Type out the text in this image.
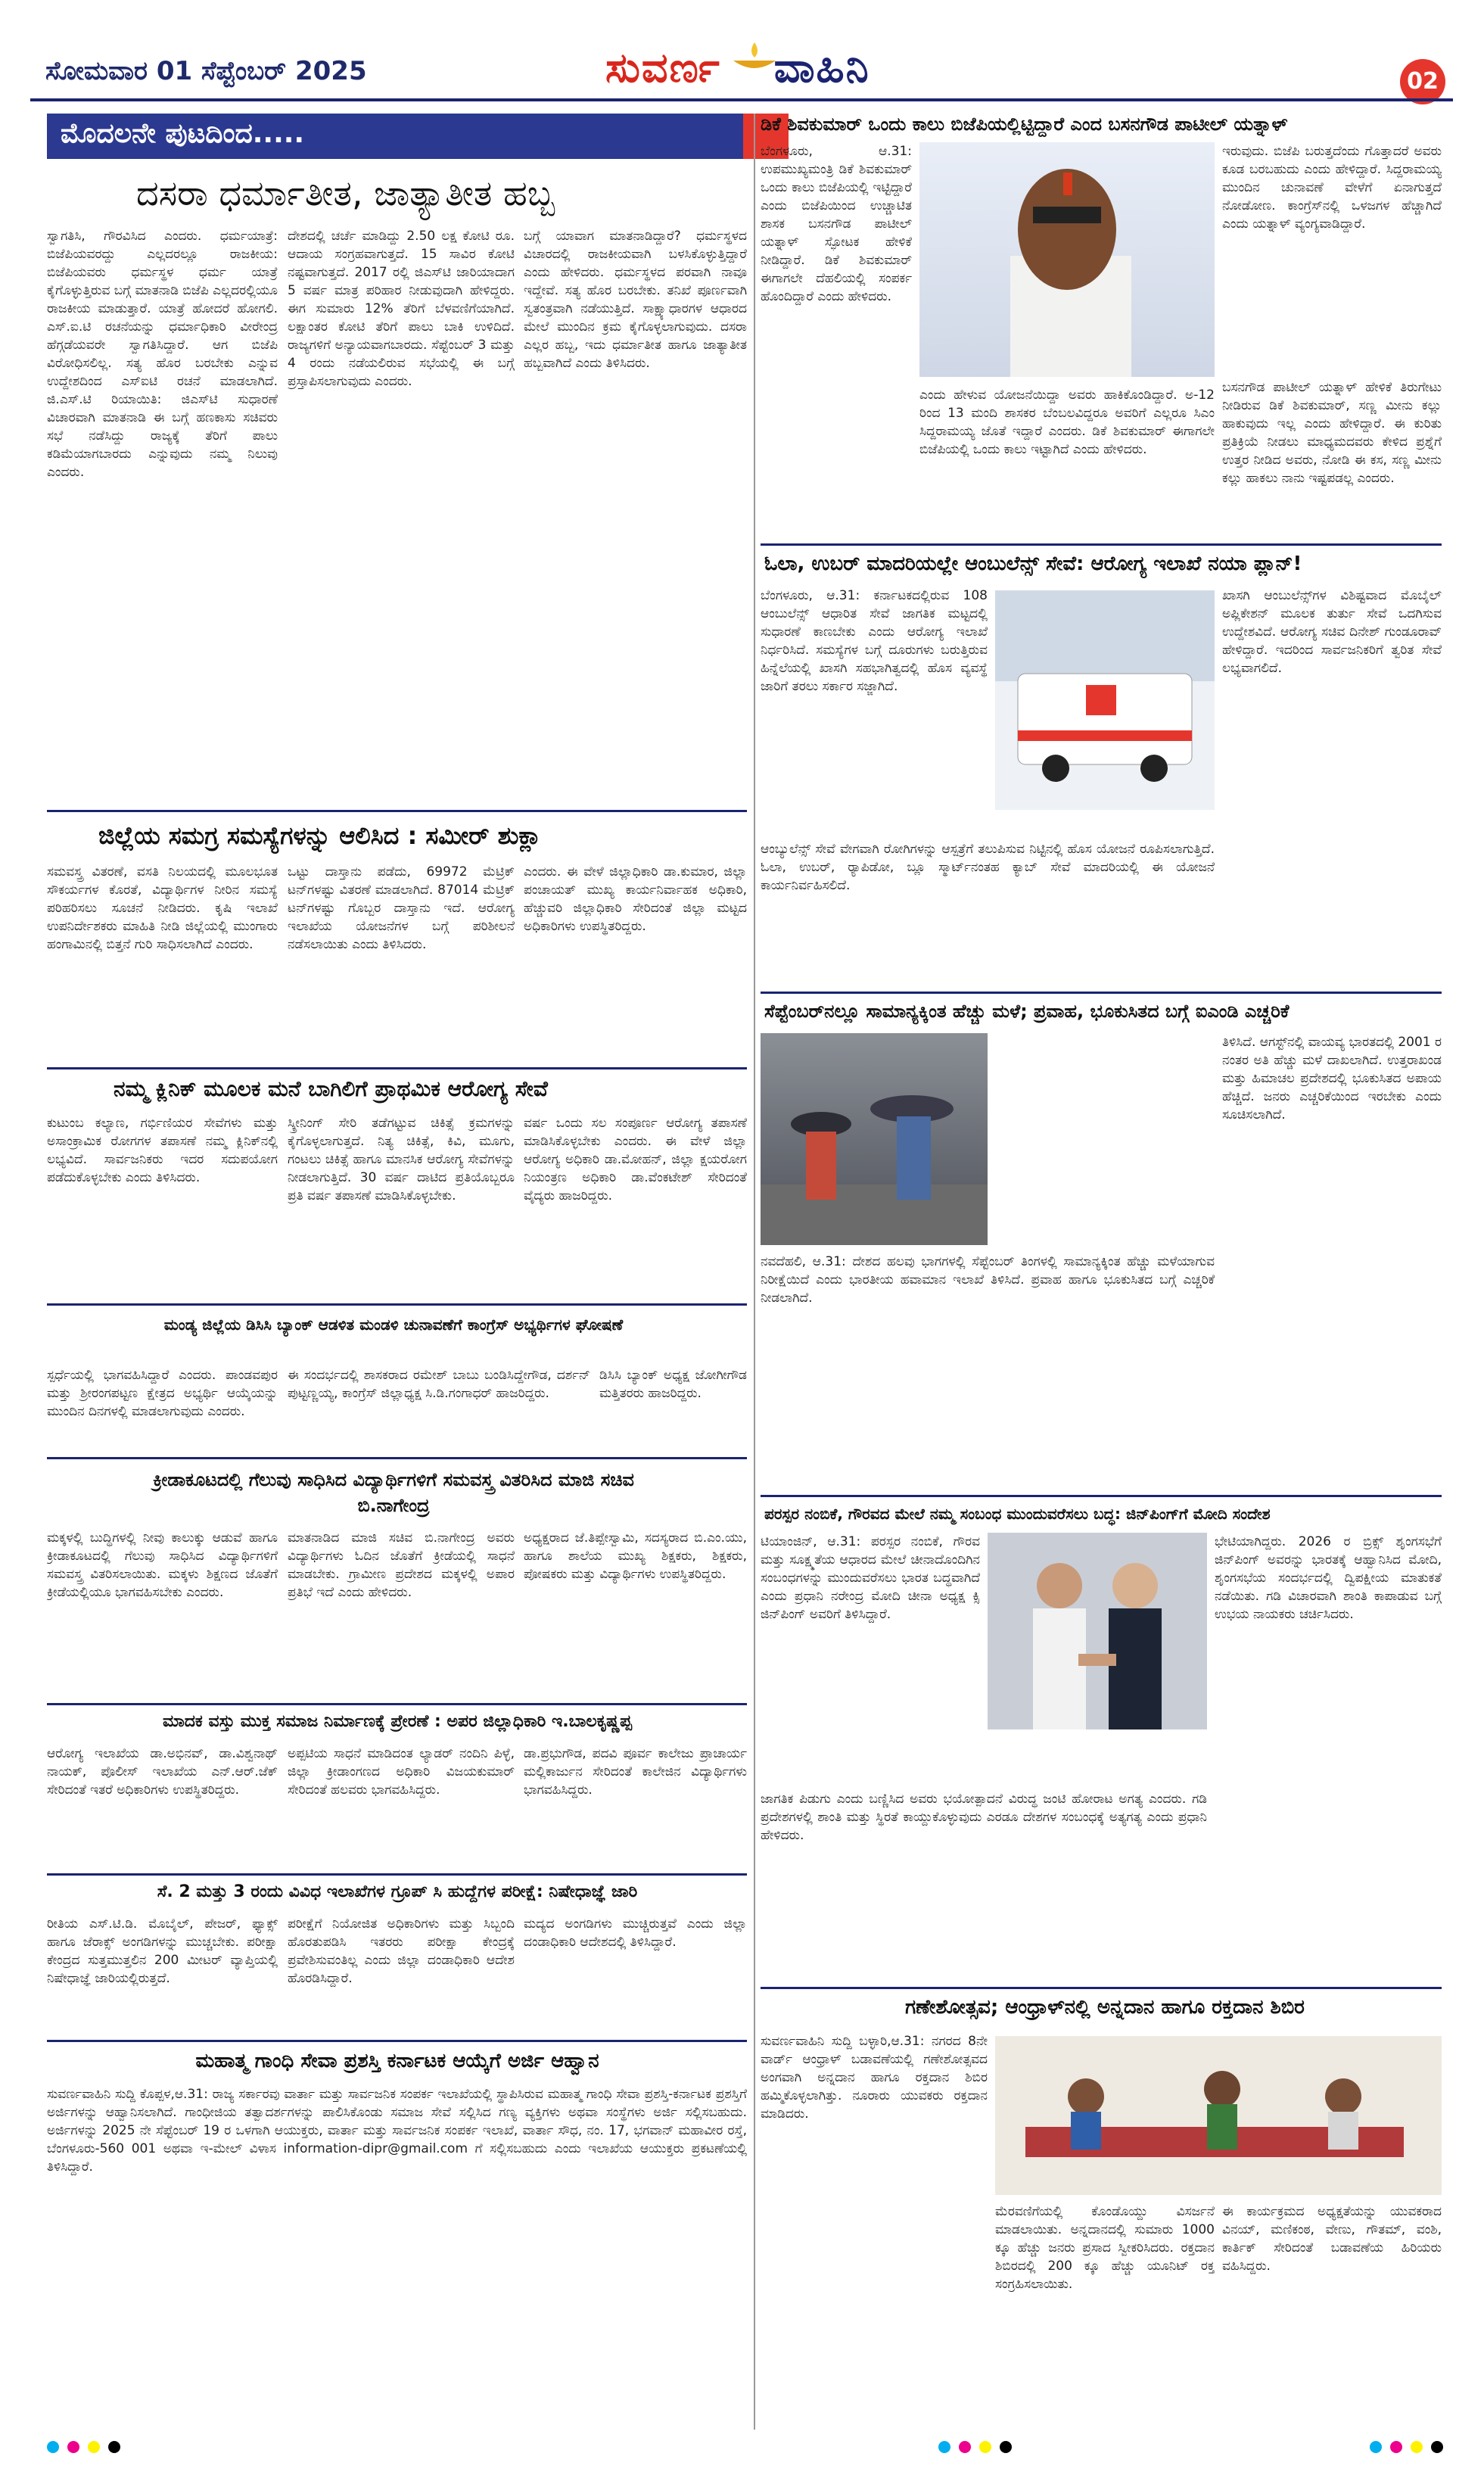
ಸೋಮವಾರ 01 ಸೆಪ್ಟೆಂಬರ್ 2025	ಸುವರ್ಣ ವಾಹಿನಿ	02
ಮೊದಲನೇ ಪುಟದಿಂದ.....
ದಸರಾ ಧರ್ಮಾತೀತ, ಜಾತ್ಯಾತೀತ ಹಬ್ಬ
ಸ್ವಾಗತಿಸಿ, ಗೌರವಿಸಿದ ಎಂದರು. ಧರ್ಮಯಾತ್ರೆ: ಬಿಜೆಪಿಯವರದ್ದು ಎಲ್ಲದರಲ್ಲೂ ರಾಜಕೀಯ: ಬಿಜೆಪಿಯವರು ಧರ್ಮಸ್ಥಳ ಧರ್ಮ ಯಾತ್ರೆ ಕೈಗೊಳ್ಳುತ್ತಿರುವ ಬಗ್ಗೆ ಮಾತನಾಡಿ ಬಿಜೆಪಿ ಎಲ್ಲದರಲ್ಲಿಯೂ ರಾಜಕೀಯ ಮಾಡುತ್ತಾರೆ. ಯಾತ್ರೆ ಹೋದರೆ ಹೋಗಲಿ. ಎಸ್.ಐ.ಟಿ ರಚನೆಯನ್ನು ಧರ್ಮಾಧಿಕಾರಿ ವೀರೇಂದ್ರ ಹೆಗ್ಗಡೆಯವರೇ ಸ್ವಾಗತಿಸಿದ್ದಾರೆ. ಆಗ ಬಿಜೆಪಿ ವಿರೋಧಿಸಲಿಲ್ಲ. ಸತ್ಯ ಹೊರ ಬರಬೇಕು ಎನ್ನುವ ಉದ್ದೇಶದಿಂದ ಎಸ್ಐಟಿ ರಚನೆ ಮಾಡಲಾಗಿದೆ. ಜಿ.ಎಸ್.ಟಿ ರಿಯಾಯಿತಿ: ಜಿಎಸ್‌ಟಿ ಸುಧಾರಣೆ ವಿಚಾರವಾಗಿ ಮಾತನಾಡಿ ಈ ಬಗ್ಗೆ ಹಣಕಾಸು ಸಚಿವರು ಸಭೆ ನಡೆಸಿದ್ದು ರಾಜ್ಯಕ್ಕೆ ತೆರಿಗೆ ಪಾಲು ಕಡಿಮೆಯಾಗಬಾರದು ಎನ್ನುವುದು ನಮ್ಮ ನಿಲುವು ಎಂದರು.
ದೇಶದಲ್ಲಿ ಚರ್ಚೆ ಮಾಡಿದ್ದು 2.50 ಲಕ್ಷ ಕೋಟಿ ರೂ. ಆದಾಯ ಸಂಗ್ರಹವಾಗುತ್ತದೆ. 15 ಸಾವಿರ ಕೋಟಿ ನಷ್ಟವಾಗುತ್ತದೆ. 2017 ರಲ್ಲಿ ಜಿಎಸ್‌ಟಿ ಜಾರಿಯಾದಾಗ 5 ವರ್ಷ ಮಾತ್ರ ಪರಿಹಾರ ನೀಡುವುದಾಗಿ ಹೇಳಿದ್ದರು. ಈಗ ಸುಮಾರು 12% ತೆರಿಗೆ ಬೆಳವಣಿಗೆಯಾಗಿದೆ. ಲಕ್ಷಾಂತರ ಕೋಟಿ ತೆರಿಗೆ ಪಾಲು ಬಾಕಿ ಉಳಿದಿದೆ. ರಾಜ್ಯಗಳಿಗೆ ಅನ್ಯಾಯವಾಗಬಾರದು. ಸೆಪ್ಟೆಂಬರ್ 3 ಮತ್ತು 4 ರಂದು ನಡೆಯಲಿರುವ ಸಭೆಯಲ್ಲಿ ಈ ಬಗ್ಗೆ ಪ್ರಸ್ತಾಪಿಸಲಾಗುವುದು ಎಂದರು.
ಬಗ್ಗೆ ಯಾವಾಗ ಮಾತನಾಡಿದ್ದಾರೆ? ಧರ್ಮಸ್ಥಳದ ವಿಚಾರದಲ್ಲಿ ರಾಜಕೀಯವಾಗಿ ಬಳಸಿಕೊಳ್ಳುತ್ತಿದ್ದಾರೆ ಎಂದು ಹೇಳಿದರು. ಧರ್ಮಸ್ಥಳದ ಪರವಾಗಿ ನಾವೂ ಇದ್ದೇವೆ. ಸತ್ಯ ಹೊರ ಬರಬೇಕು. ತನಿಖೆ ಪೂರ್ಣವಾಗಿ ಸ್ವತಂತ್ರವಾಗಿ ನಡೆಯುತ್ತಿದೆ. ಸಾಕ್ಷ್ಯಾಧಾರಗಳ ಆಧಾರದ ಮೇಲೆ ಮುಂದಿನ ಕ್ರಮ ಕೈಗೊಳ್ಳಲಾಗುವುದು. ದಸರಾ ಎಲ್ಲರ ಹಬ್ಬ, ಇದು ಧರ್ಮಾತೀತ ಹಾಗೂ ಜಾತ್ಯಾತೀತ ಹಬ್ಬವಾಗಿದೆ ಎಂದು ತಿಳಿಸಿದರು.
ಡಿಕೆ ಶಿವಕುಮಾರ್ ಒಂದು ಕಾಲು ಬಿಜೆಪಿಯಲ್ಲಿಟ್ಟಿದ್ದಾರೆ ಎಂದ ಬಸನಗೌಡ ಪಾಟೀಲ್ ಯತ್ನಾಳ್
ಬೆಂಗಳೂರು, ಆ.31: ಉಪಮುಖ್ಯಮಂತ್ರಿ ಡಿಕೆ ಶಿವಕುಮಾರ್ ಒಂದು ಕಾಲು ಬಿಜೆಪಿಯಲ್ಲಿ ಇಟ್ಟಿದ್ದಾರೆ ಎಂದು ಬಿಜೆಪಿಯಿಂದ ಉಚ್ಚಾಟಿತ ಶಾಸಕ ಬಸನಗೌಡ ಪಾಟೀಲ್ ಯತ್ನಾಳ್ ಸ್ಫೋಟಕ ಹೇಳಿಕೆ ನೀಡಿದ್ದಾರೆ. ಡಿಕೆ ಶಿವಕುಮಾರ್ ಈಗಾಗಲೇ ದೆಹಲಿಯಲ್ಲಿ ಸಂಪರ್ಕ ಹೊಂದಿದ್ದಾರೆ ಎಂದು ಹೇಳಿದರು.
ಇರುವುದು. ಬಿಜೆಪಿ ಬರುತ್ತದೆಂದು ಗೊತ್ತಾದರೆ ಅವರು ಕೂಡ ಬರಬಹುದು ಎಂದು ಹೇಳಿದ್ದಾರೆ. ಸಿದ್ದರಾಮಯ್ಯ ಮುಂದಿನ ಚುನಾವಣೆ ವೇಳೆಗೆ ಏನಾಗುತ್ತದೆ ನೋಡೋಣ. ಕಾಂಗ್ರೆಸ್‌ನಲ್ಲಿ ಒಳಜಗಳ ಹೆಚ್ಚಾಗಿದೆ ಎಂದು ಯತ್ನಾಳ್ ವ್ಯಂಗ್ಯವಾಡಿದ್ದಾರೆ.
ಎಂದು ಹೇಳುವ ಯೋಜನೆಯಿದ್ದಾ ಅವರು ಹಾಕಿಕೊಂಡಿದ್ದಾರೆ. ಅ-12 ರಿಂದ 13 ಮಂದಿ ಶಾಸಕರ ಬೆಂಬಲವಿದ್ದರೂ ಅವರಿಗೆ ಎಲ್ಲರೂ ಸಿಎಂ ಸಿದ್ದರಾಮಯ್ಯ ಜೊತೆ ಇದ್ದಾರೆ ಎಂದರು. ಡಿಕೆ ಶಿವಕುಮಾರ್ ಈಗಾಗಲೇ ಬಿಜೆಪಿಯಲ್ಲಿ ಒಂದು ಕಾಲು ಇಟ್ಟಾಗಿದೆ ಎಂದು ಹೇಳಿದರು.
ಬಸನಗೌಡ ಪಾಟೀಲ್ ಯತ್ನಾಳ್ ಹೇಳಿಕೆ ತಿರುಗೇಟು ನೀಡಿರುವ ಡಿಕೆ ಶಿವಕುಮಾರ್, ಸಣ್ಣ ಮೀನು ಕಲ್ಲು ಹಾಕುವುದು ಇಲ್ಲ ಎಂದು ಹೇಳಿದ್ದಾರೆ. ಈ ಕುರಿತು ಪ್ರತಿಕ್ರಿಯೆ ನೀಡಲು ಮಾಧ್ಯಮದವರು ಕೇಳಿದ ಪ್ರಶ್ನೆಗೆ ಉತ್ತರ ನೀಡಿದ ಅವರು, ನೋಡಿ ಈ ಕಸ, ಸಣ್ಣ ಮೀನು ಕಲ್ಲು ಹಾಕಲು ನಾನು ಇಷ್ಟಪಡಲ್ಲ ಎಂದರು.
ಓಲಾ, ಉಬರ್ ಮಾದರಿಯಲ್ಲೇ ಆಂಬುಲೆನ್ಸ್ ಸೇವೆ: ಆರೋಗ್ಯ ಇಲಾಖೆ ನಯಾ ಪ್ಲಾನ್!
ಬೆಂಗಳೂರು, ಆ.31: ಕರ್ನಾಟಕದಲ್ಲಿರುವ 108 ಆಂಬುಲೆನ್ಸ್ ಆಧಾರಿತ ಸೇವೆ ಜಾಗತಿಕ ಮಟ್ಟದಲ್ಲಿ ಸುಧಾರಣೆ ಕಾಣಬೇಕು ಎಂದು ಆರೋಗ್ಯ ಇಲಾಖೆ ನಿರ್ಧರಿಸಿದೆ. ಸಮಸ್ಯೆಗಳ ಬಗ್ಗೆ ದೂರುಗಳು ಬರುತ್ತಿರುವ ಹಿನ್ನೆಲೆಯಲ್ಲಿ ಖಾಸಗಿ ಸಹಭಾಗಿತ್ವದಲ್ಲಿ ಹೊಸ ವ್ಯವಸ್ಥೆ ಜಾರಿಗೆ ತರಲು ಸರ್ಕಾರ ಸಜ್ಜಾಗಿದೆ.
ಖಾಸಗಿ ಆಂಬುಲೆನ್ಸ್‌ಗಳ ವಿಶಿಷ್ಟವಾದ ಮೊಬೈಲ್ ಅಪ್ಲಿಕೇಶನ್ ಮೂಲಕ ತುರ್ತು ಸೇವೆ ಒದಗಿಸುವ ಉದ್ದೇಶವಿದೆ. ಆರೋಗ್ಯ ಸಚಿವ ದಿನೇಶ್ ಗುಂಡೂರಾವ್ ಹೇಳಿದ್ದಾರೆ. ಇದರಿಂದ ಸಾರ್ವಜನಿಕರಿಗೆ ತ್ವರಿತ ಸೇವೆ ಲಭ್ಯವಾಗಲಿದೆ.
ಆಂಬ್ಯುಲೆನ್ಸ್ ಸೇವೆ ವೇಗವಾಗಿ ರೋಗಿಗಳನ್ನು ಆಸ್ಪತ್ರೆಗೆ ತಲುಪಿಸುವ ನಿಟ್ಟಿನಲ್ಲಿ ಹೊಸ ಯೋಜನೆ ರೂಪಿಸಲಾಗುತ್ತಿದೆ. ಓಲಾ, ಉಬರ್, ರ್‍ಯಾಪಿಡೋ, ಬ್ಲೂ ಸ್ಮಾರ್ಟ್‌ನಂತಹ ಕ್ಯಾಬ್ ಸೇವೆ ಮಾದರಿಯಲ್ಲಿ ಈ ಯೋಜನೆ ಕಾರ್ಯನಿರ್ವಹಿಸಲಿದೆ.
ಸೆಪ್ಟೆಂಬರ್‌ನಲ್ಲೂ ಸಾಮಾನ್ಯಕ್ಕಿಂತ ಹೆಚ್ಚು ಮಳೆ; ಪ್ರವಾಹ, ಭೂಕುಸಿತದ ಬಗ್ಗೆ ಐಎಂಡಿ ಎಚ್ಚರಿಕೆ
ನವದೆಹಲಿ, ಆ.31: ದೇಶದ ಹಲವು ಭಾಗಗಳಲ್ಲಿ ಸೆಪ್ಟೆಂಬರ್ ತಿಂಗಳಲ್ಲಿ ಸಾಮಾನ್ಯಕ್ಕಿಂತ ಹೆಚ್ಚು ಮಳೆಯಾಗುವ ನಿರೀಕ್ಷೆಯಿದೆ ಎಂದು ಭಾರತೀಯ ಹವಾಮಾನ ಇಲಾಖೆ ತಿಳಿಸಿದೆ. ಪ್ರವಾಹ ಹಾಗೂ ಭೂಕುಸಿತದ ಬಗ್ಗೆ ಎಚ್ಚರಿಕೆ ನೀಡಲಾಗಿದೆ.
ತಿಳಿಸಿದೆ. ಆಗಸ್ಟ್‌ನಲ್ಲಿ ವಾಯವ್ಯ ಭಾರತದಲ್ಲಿ 2001 ರ ನಂತರ ಅತಿ ಹೆಚ್ಚು ಮಳೆ ದಾಖಲಾಗಿದೆ. ಉತ್ತರಾಖಂಡ ಮತ್ತು ಹಿಮಾಚಲ ಪ್ರದೇಶದಲ್ಲಿ ಭೂಕುಸಿತದ ಅಪಾಯ ಹೆಚ್ಚಿದೆ. ಜನರು ಎಚ್ಚರಿಕೆಯಿಂದ ಇರಬೇಕು ಎಂದು ಸೂಚಿಸಲಾಗಿದೆ.
ಜಿಲ್ಲೆಯ ಸಮಗ್ರ ಸಮಸ್ಯೆಗಳನ್ನು ಆಲಿಸಿದ : ಸಮೀರ್ ಶುಕ್ಲಾ
ಸಮವಸ್ತ್ರ ವಿತರಣೆ, ವಸತಿ ನಿಲಯದಲ್ಲಿ ಮೂಲಭೂತ ಸೌಕರ್ಯಗಳ ಕೊರತೆ, ವಿದ್ಯಾರ್ಥಿಗಳ ನೀರಿನ ಸಮಸ್ಯೆ ಪರಿಹರಿಸಲು ಸೂಚನೆ ನೀಡಿದರು. ಕೃಷಿ ಇಲಾಖೆ ಉಪನಿರ್ದೇಶಕರು ಮಾಹಿತಿ ನೀಡಿ ಜಿಲ್ಲೆಯಲ್ಲಿ ಮುಂಗಾರು ಹಂಗಾಮಿನಲ್ಲಿ ಬಿತ್ತನೆ ಗುರಿ ಸಾಧಿಸಲಾಗಿದೆ ಎಂದರು.
ಒಟ್ಟು ದಾಸ್ತಾನು ಪಡೆದು, 69972 ಮೆಟ್ರಿಕ್ ಟನ್‌ಗಳಷ್ಟು ವಿತರಣೆ ಮಾಡಲಾಗಿದೆ. 87014 ಮೆಟ್ರಿಕ್ ಟನ್‌ಗಳಷ್ಟು ಗೊಬ್ಬರ ದಾಸ್ತಾನು ಇದೆ. ಆರೋಗ್ಯ ಇಲಾಖೆಯ ಯೋಜನೆಗಳ ಬಗ್ಗೆ ಪರಿಶೀಲನೆ ನಡೆಸಲಾಯಿತು ಎಂದು ತಿಳಿಸಿದರು.
ಎಂದರು. ಈ ವೇಳೆ ಜಿಲ್ಲಾಧಿಕಾರಿ ಡಾ.ಕುಮಾರ, ಜಿಲ್ಲಾ ಪಂಚಾಯತ್ ಮುಖ್ಯ ಕಾರ್ಯನಿರ್ವಾಹಕ ಅಧಿಕಾರಿ, ಹೆಚ್ಚುವರಿ ಜಿಲ್ಲಾಧಿಕಾರಿ ಸೇರಿದಂತೆ ಜಿಲ್ಲಾ ಮಟ್ಟದ ಅಧಿಕಾರಿಗಳು ಉಪಸ್ಥಿತರಿದ್ದರು.
ನಮ್ಮ ಕ್ಲಿನಿಕ್ ಮೂಲಕ ಮನೆ ಬಾಗಿಲಿಗೆ ಪ್ರಾಥಮಿಕ ಆರೋಗ್ಯ ಸೇವೆ
ಕುಟುಂಬ ಕಲ್ಯಾಣ, ಗರ್ಭಿಣಿಯರ ಸೇವೆಗಳು ಮತ್ತು ಅಸಾಂಕ್ರಾಮಿಕ ರೋಗಗಳ ತಪಾಸಣೆ ನಮ್ಮ ಕ್ಲಿನಿಕ್‌ನಲ್ಲಿ ಲಭ್ಯವಿದೆ. ಸಾರ್ವಜನಿಕರು ಇದರ ಸದುಪಯೋಗ ಪಡೆದುಕೊಳ್ಳಬೇಕು ಎಂದು ತಿಳಿಸಿದರು.
ಸ್ಕ್ರೀನಿಂಗ್ ಸೇರಿ ತಡೆಗಟ್ಟುವ ಚಿಕಿತ್ಸೆ ಕ್ರಮಗಳನ್ನು ಕೈಗೊಳ್ಳಲಾಗುತ್ತದೆ. ನಿತ್ಯ ಚಿಕಿತ್ಸೆ, ಕಿವಿ, ಮೂಗು, ಗಂಟಲು ಚಿಕಿತ್ಸೆ ಹಾಗೂ ಮಾನಸಿಕ ಆರೋಗ್ಯ ಸೇವೆಗಳನ್ನು ನೀಡಲಾಗುತ್ತಿದೆ. 30 ವರ್ಷ ದಾಟಿದ ಪ್ರತಿಯೊಬ್ಬರೂ ಪ್ರತಿ ವರ್ಷ ತಪಾಸಣೆ ಮಾಡಿಸಿಕೊಳ್ಳಬೇಕು.
ವರ್ಷ ಒಂದು ಸಲ ಸಂಪೂರ್ಣ ಆರೋಗ್ಯ ತಪಾಸಣೆ ಮಾಡಿಸಿಕೊಳ್ಳಬೇಕು ಎಂದರು. ಈ ವೇಳೆ ಜಿಲ್ಲಾ ಆರೋಗ್ಯ ಅಧಿಕಾರಿ ಡಾ.ಮೋಹನ್, ಜಿಲ್ಲಾ ಕ್ಷಯರೋಗ ನಿಯಂತ್ರಣ ಅಧಿಕಾರಿ ಡಾ.ವೆಂಕಟೇಶ್ ಸೇರಿದಂತೆ ವೈದ್ಯರು ಹಾಜರಿದ್ದರು.
ಮಂಡ್ಯ ಜಿಲ್ಲೆಯ ಡಿಸಿಸಿ ಬ್ಯಾಂಕ್ ಆಡಳಿತ ಮಂಡಳಿ ಚುನಾವಣೆಗೆ ಕಾಂಗ್ರೆಸ್ ಅಭ್ಯರ್ಥಿಗಳ ಘೋಷಣೆ
ಸ್ಪರ್ಧೆಯಲ್ಲಿ ಭಾಗವಹಿಸಿದ್ದಾರೆ ಎಂದರು. ಪಾಂಡವಪುರ ಮತ್ತು ಶ್ರೀರಂಗಪಟ್ಟಣ ಕ್ಷೇತ್ರದ ಅಭ್ಯರ್ಥಿ ಆಯ್ಕೆಯನ್ನು ಮುಂದಿನ ದಿನಗಳಲ್ಲಿ ಮಾಡಲಾಗುವುದು ಎಂದರು.
ಈ ಸಂದರ್ಭದಲ್ಲಿ ಶಾಸಕರಾದ ರಮೇಶ್ ಬಾಬು ಬಂಡಿಸಿದ್ದೇಗೌಡ, ದರ್ಶನ್ ಪುಟ್ಟಣ್ಣಯ್ಯ, ಕಾಂಗ್ರೆಸ್ ಜಿಲ್ಲಾಧ್ಯಕ್ಷ ಸಿ.ಡಿ.ಗಂಗಾಧರ್ ಹಾಜರಿದ್ದರು.
ಡಿಸಿಸಿ ಬ್ಯಾಂಕ್ ಅಧ್ಯಕ್ಷ ಜೋಗೀಗೌಡ ಮತ್ತಿತರರು ಹಾಜರಿದ್ದರು.
ಕ್ರೀಡಾಕೂಟದಲ್ಲಿ ಗೆಲುವು ಸಾಧಿಸಿದ ವಿದ್ಯಾರ್ಥಿಗಳಿಗೆ ಸಮವಸ್ತ್ರ ವಿತರಿಸಿದ ಮಾಜಿ ಸಚಿವ ಬಿ.ನಾಗೇಂದ್ರ
ಮಕ್ಕಳಲ್ಲಿ ಬುದ್ಧಿಗಳಲ್ಲಿ ನೀವು ಕಾಲುಕ್ಕು ಆಡುವೆ ಹಾಗೂ ಕ್ರೀಡಾಕೂಟದಲ್ಲಿ ಗೆಲುವು ಸಾಧಿಸಿದ ವಿದ್ಯಾರ್ಥಿಗಳಿಗೆ ಸಮವಸ್ತ್ರ ವಿತರಿಸಲಾಯಿತು. ಮಕ್ಕಳು ಶಿಕ್ಷಣದ ಜೊತೆಗೆ ಕ್ರೀಡೆಯಲ್ಲಿಯೂ ಭಾಗವಹಿಸಬೇಕು ಎಂದರು.
ಮಾತನಾಡಿದ ಮಾಜಿ ಸಚಿವ ಬಿ.ನಾಗೇಂದ್ರ ಅವರು ವಿದ್ಯಾರ್ಥಿಗಳು ಓದಿನ ಜೊತೆಗೆ ಕ್ರೀಡೆಯಲ್ಲಿ ಸಾಧನೆ ಮಾಡಬೇಕು. ಗ್ರಾಮೀಣ ಪ್ರದೇಶದ ಮಕ್ಕಳಲ್ಲಿ ಅಪಾರ ಪ್ರತಿಭೆ ಇದೆ ಎಂದು ಹೇಳಿದರು.
ಅಧ್ಯಕ್ಷರಾದ ಜೆ.ತಿಪ್ಪೇಸ್ವಾಮಿ, ಸದಸ್ಯರಾದ ಬಿ.ಎಂ.ಯು, ಹಾಗೂ ಶಾಲೆಯ ಮುಖ್ಯ ಶಿಕ್ಷಕರು, ಶಿಕ್ಷಕರು, ಪೋಷಕರು ಮತ್ತು ವಿದ್ಯಾರ್ಥಿಗಳು ಉಪಸ್ಥಿತರಿದ್ದರು.
ಮಾದಕ ವಸ್ತು ಮುಕ್ತ ಸಮಾಜ ನಿರ್ಮಾಣಕ್ಕೆ ಪ್ರೇರಣೆ : ಅಪರ ಜಿಲ್ಲಾಧಿಕಾರಿ ಇ.ಬಾಲಕೃಷ್ಣಪ್ಪ
ಆರೋಗ್ಯ ಇಲಾಖೆಯ ಡಾ.ಅಭಿನವ್, ಡಾ.ವಿಶ್ವನಾಥ್ ನಾಯಕ್, ಪೊಲೀಸ್ ಇಲಾಖೆಯ ಎನ್.ಆರ್.ಜೆಕ್ ಸೇರಿದಂತೆ ಇತರೆ ಅಧಿಕಾರಿಗಳು ಉಪಸ್ಥಿತರಿದ್ದರು.
ಅಪ್ಪಟಿಯ ಸಾಧನೆ ಮಾಡಿದಂತ ಲ್ಯಾಡರ್ ನಂದಿನಿ ಪಿಳ್ಳೆ, ಜಿಲ್ಲಾ ಕ್ರೀಡಾಂಗಣದ ಅಧಿಕಾರಿ ವಿಜಯಕುಮಾರ್ ಸೇರಿದಂತೆ ಹಲವರು ಭಾಗವಹಿಸಿದ್ದರು.
ಡಾ.ಪ್ರಭುಗೌಡ, ಪದವಿ ಪೂರ್ವ ಕಾಲೇಜು ಪ್ರಾಚಾರ್ಯ ಮಲ್ಲಿಕಾರ್ಜುನ ಸೇರಿದಂತೆ ಕಾಲೇಜಿನ ವಿದ್ಯಾರ್ಥಿಗಳು ಭಾಗವಹಿಸಿದ್ದರು.
ಸೆ. 2 ಮತ್ತು 3 ರಂದು ವಿವಿಧ ಇಲಾಖೆಗಳ ಗ್ರೂಪ್ ಸಿ ಹುದ್ದೆಗಳ ಪರೀಕ್ಷೆ: ನಿಷೇಧಾಜ್ಞೆ ಜಾರಿ
ರೀತಿಯ ಎಸ್.ಟಿ.ಡಿ. ಮೊಬೈಲ್, ಪೇಜರ್, ಫ್ಯಾಕ್ಸ್ ಹಾಗೂ ಜೆರಾಕ್ಸ್ ಅಂಗಡಿಗಳನ್ನು ಮುಚ್ಚಬೇಕು. ಪರೀಕ್ಷಾ ಕೇಂದ್ರದ ಸುತ್ತಮುತ್ತಲಿನ 200 ಮೀಟರ್ ವ್ಯಾಪ್ತಿಯಲ್ಲಿ ನಿಷೇಧಾಜ್ಞೆ ಜಾರಿಯಲ್ಲಿರುತ್ತದೆ.
ಪರೀಕ್ಷೆಗೆ ನಿಯೋಜಿತ ಅಧಿಕಾರಿಗಳು ಮತ್ತು ಸಿಬ್ಬಂದಿ ಹೊರತುಪಡಿಸಿ ಇತರರು ಪರೀಕ್ಷಾ ಕೇಂದ್ರಕ್ಕೆ ಪ್ರವೇಶಿಸುವಂತಿಲ್ಲ ಎಂದು ಜಿಲ್ಲಾ ದಂಡಾಧಿಕಾರಿ ಆದೇಶ ಹೊರಡಿಸಿದ್ದಾರೆ.
ಮದ್ಯದ ಅಂಗಡಿಗಳು ಮುಚ್ಚಿರುತ್ತವೆ ಎಂದು ಜಿಲ್ಲಾ ದಂಡಾಧಿಕಾರಿ ಆದೇಶದಲ್ಲಿ ತಿಳಿಸಿದ್ದಾರೆ.
ಮಹಾತ್ಮ ಗಾಂಧಿ ಸೇವಾ ಪ್ರಶಸ್ತಿ ಕರ್ನಾಟಕ ಆಯ್ಕೆಗೆ ಅರ್ಜಿ ಆಹ್ವಾನ
ಸುವರ್ಣವಾಹಿನಿ ಸುದ್ದಿ ಕೊಪ್ಪಳ,ಆ.31: ರಾಜ್ಯ ಸರ್ಕಾರವು ವಾರ್ತಾ ಮತ್ತು ಸಾರ್ವಜನಿಕ ಸಂಪರ್ಕ ಇಲಾಖೆಯಲ್ಲಿ ಸ್ಥಾಪಿಸಿರುವ ಮಹಾತ್ಮ ಗಾಂಧಿ ಸೇವಾ ಪ್ರಶಸ್ತಿ-ಕರ್ನಾಟಕ ಪ್ರಶಸ್ತಿಗೆ ಅರ್ಜಿಗಳನ್ನು ಆಹ್ವಾನಿಸಲಾಗಿದೆ. ಗಾಂಧೀಜಿಯ ತತ್ವಾದರ್ಶಗಳನ್ನು ಪಾಲಿಸಿಕೊಂಡು ಸಮಾಜ ಸೇವೆ ಸಲ್ಲಿಸಿದ ಗಣ್ಯ ವ್ಯಕ್ತಿಗಳು ಅಥವಾ ಸಂಸ್ಥೆಗಳು ಅರ್ಜಿ ಸಲ್ಲಿಸಬಹುದು. ಅರ್ಜಿಗಳನ್ನು 2025 ನೇ ಸೆಪ್ಟೆಂಬರ್ 19 ರ ಒಳಗಾಗಿ ಆಯುಕ್ತರು, ವಾರ್ತಾ ಮತ್ತು ಸಾರ್ವಜನಿಕ ಸಂಪರ್ಕ ಇಲಾಖೆ, ವಾರ್ತಾ ಸೌಧ, ನಂ. 17, ಭಗವಾನ್ ಮಹಾವೀರ ರಸ್ತೆ, ಬೆಂಗಳೂರು-560 001 ಅಥವಾ ಇ-ಮೇಲ್ ವಿಳಾಸ information-dipr@gmail.com ಗೆ ಸಲ್ಲಿಸಬಹುದು ಎಂದು ಇಲಾಖೆಯ ಆಯುಕ್ತರು ಪ್ರಕಟಣೆಯಲ್ಲಿ ತಿಳಿಸಿದ್ದಾರೆ.
ಪರಸ್ಪರ ನಂಬಿಕೆ, ಗೌರವದ ಮೇಲೆ ನಮ್ಮ ಸಂಬಂಧ ಮುಂದುವರೆಸಲು ಬದ್ಧ: ಜಿನ್‌ಪಿಂಗ್‌ಗೆ ಮೋದಿ ಸಂದೇಶ
ಟಿಯಾಂಜಿನ್, ಆ.31: ಪರಸ್ಪರ ನಂಬಿಕೆ, ಗೌರವ ಮತ್ತು ಸೂಕ್ಷ್ಮತೆಯ ಆಧಾರದ ಮೇಲೆ ಚೀನಾದೊಂದಿಗಿನ ಸಂಬಂಧಗಳನ್ನು ಮುಂದುವರೆಸಲು ಭಾರತ ಬದ್ಧವಾಗಿದೆ ಎಂದು ಪ್ರಧಾನಿ ನರೇಂದ್ರ ಮೋದಿ ಚೀನಾ ಅಧ್ಯಕ್ಷ ಕ್ಸಿ ಜಿನ್‌ಪಿಂಗ್ ಅವರಿಗೆ ತಿಳಿಸಿದ್ದಾರೆ.
ಭೇಟಿಯಾಗಿದ್ದರು. 2026 ರ ಬ್ರಿಕ್ಸ್ ಶೃಂಗಸಭೆಗೆ ಜಿನ್‌ಪಿಂಗ್ ಅವರನ್ನು ಭಾರತಕ್ಕೆ ಆಹ್ವಾನಿಸಿದ ಮೋದಿ, ಶೃಂಗಸಭೆಯ ಸಂದರ್ಭದಲ್ಲಿ ದ್ವಿಪಕ್ಷೀಯ ಮಾತುಕತೆ ನಡೆಯಿತು. ಗಡಿ ವಿಚಾರವಾಗಿ ಶಾಂತಿ ಕಾಪಾಡುವ ಬಗ್ಗೆ ಉಭಯ ನಾಯಕರು ಚರ್ಚಿಸಿದರು.
ಜಾಗತಿಕ ಪಿಡುಗು ಎಂದು ಬಣ್ಣಿಸಿದ ಅವರು ಭಯೋತ್ಪಾದನೆ ವಿರುದ್ಧ ಜಂಟಿ ಹೋರಾಟ ಅಗತ್ಯ ಎಂದರು. ಗಡಿ ಪ್ರದೇಶಗಳಲ್ಲಿ ಶಾಂತಿ ಮತ್ತು ಸ್ಥಿರತೆ ಕಾಯ್ದುಕೊಳ್ಳುವುದು ಎರಡೂ ದೇಶಗಳ ಸಂಬಂಧಕ್ಕೆ ಅತ್ಯಗತ್ಯ ಎಂದು ಪ್ರಧಾನಿ ಹೇಳಿದರು.
ಗಣೇಶೋತ್ಸವ; ಆಂಧ್ರಾಳ್‌ನಲ್ಲಿ ಅನ್ನದಾನ ಹಾಗೂ ರಕ್ತದಾನ ಶಿಬಿರ
ಸುವರ್ಣವಾಹಿನಿ ಸುದ್ದಿ ಬಳ್ಳಾರಿ,ಆ.31: ನಗರದ 8ನೇ ವಾರ್ಡ್ ಆಂಧ್ರಾಳ್ ಬಡಾವಣೆಯಲ್ಲಿ ಗಣೇಶೋತ್ಸವದ ಅಂಗವಾಗಿ ಅನ್ನದಾನ ಹಾಗೂ ರಕ್ತದಾನ ಶಿಬಿರ ಹಮ್ಮಿಕೊಳ್ಳಲಾಗಿತ್ತು. ನೂರಾರು ಯುವಕರು ರಕ್ತದಾನ ಮಾಡಿದರು.
ಮೆರವಣಿಗೆಯಲ್ಲಿ ಕೊಂಡೊಯ್ದು ವಿಸರ್ಜನೆ ಮಾಡಲಾಯಿತು. ಅನ್ನದಾನದಲ್ಲಿ ಸುಮಾರು 1000 ಕ್ಕೂ ಹೆಚ್ಚು ಜನರು ಪ್ರಸಾದ ಸ್ವೀಕರಿಸಿದರು. ರಕ್ತದಾನ ಶಿಬಿರದಲ್ಲಿ 200 ಕ್ಕೂ ಹೆಚ್ಚು ಯೂನಿಟ್ ರಕ್ತ ಸಂಗ್ರಹಿಸಲಾಯಿತು.
ಈ ಕಾರ್ಯಕ್ರಮದ ಅಧ್ಯಕ್ಷತೆಯನ್ನು ಯುವಕರಾದ ವಿನಯ್, ಮಣಿಕಂಠ, ವೇಣು, ಗೌತಮ್, ವಂಶಿ, ಕಾರ್ತಿಕ್ ಸೇರಿದಂತೆ ಬಡಾವಣೆಯ ಹಿರಿಯರು ವಹಿಸಿದ್ದರು.
